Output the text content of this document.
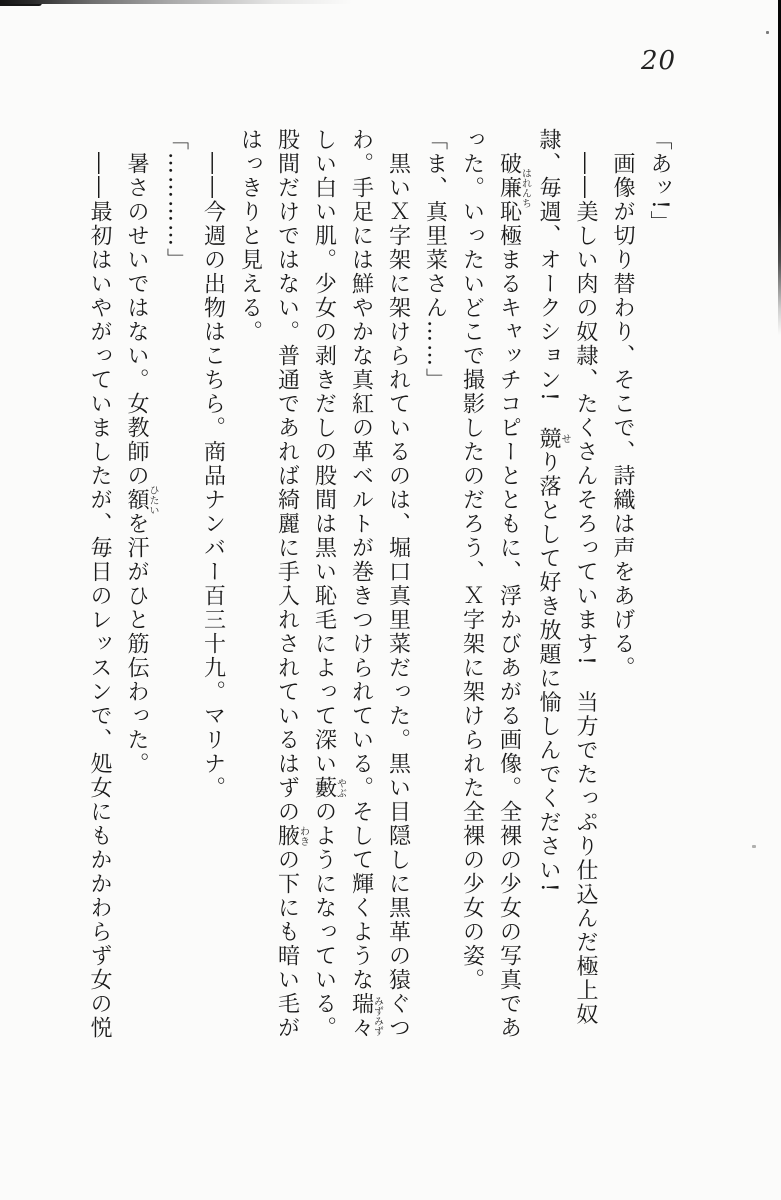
20

「あッ!」

画像が切り替わり、そこで、詩織は声をあげる。

――美しい肉の奴隷、たくさんそろっています!　当方でたっぷり仕込んだ極上奴隷、毎週、オークション!　競せり落として好き放題に愉しんでください!

破廉恥はれんち極まるキャッチコピーとともに、浮かびあがる画像。全裸の少女の写真であった。いったいどこで撮影したのだろう、Ｘ字架に架けられた全裸の少女の姿。

「ま、真里菜さん……」

黒いＸ字架に架けられているのは、堀口真里菜だった。黒い目隠しに黒革の猿ぐつわ。手足には鮮やかな真紅の革ベルトが巻きつけられている。そして輝くような瑞々みずみずしい白い肌。少女の剥きだしの股間は黒い恥毛によって深い藪やぶのようになっている。股間だけではない。普通であれば綺麗に手入れされているはずの腋わきの下にも暗い毛がはっきりと見える。

――今週の出物はこちら。商品ナンバー百三十九。マリナ。

「…………」

暑さのせいではない。女教師の額ひたいを汗がひと筋伝わった。

――最初はいやがっていましたが、毎日のレッスンで、処女にもかかわらず女の悦
